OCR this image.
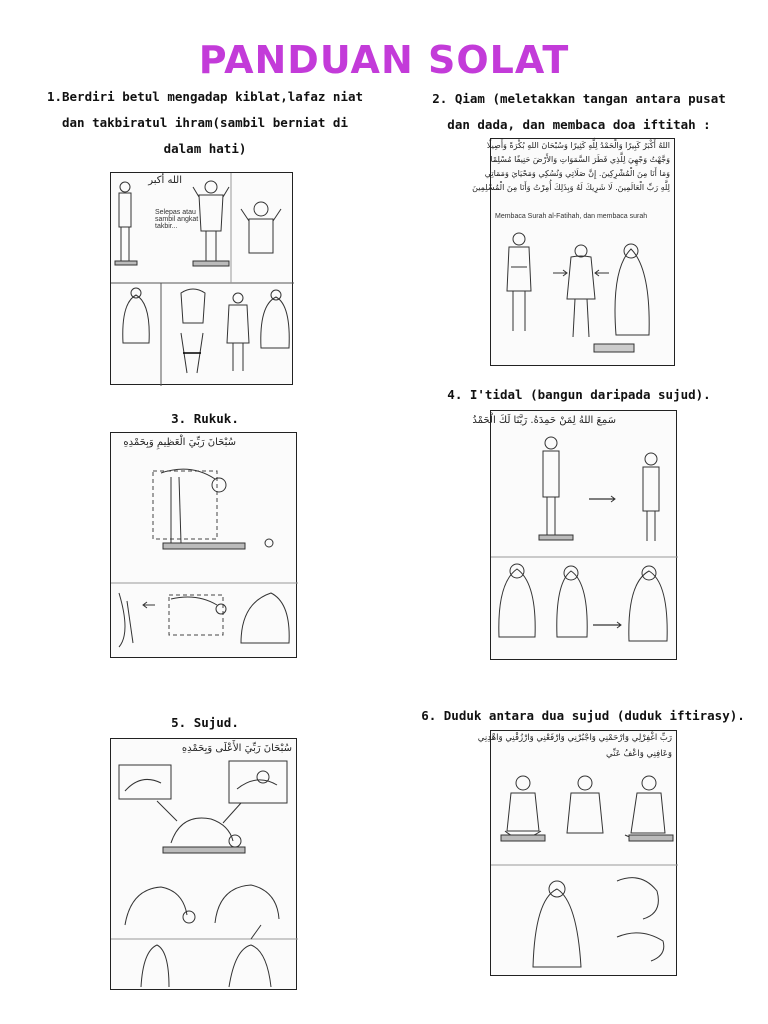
PANDUAN SOLAT
1.Berdiri betul mengadap kiblat,lafaz niat
dan takbiratul ihram(sambil berniat di
dalam hati)
2. Qiam (meletakkan tangan antara pusat
dan dada, dan membaca doa iftitah :
الله أكبر
Selepas atau
sambil angkat
takbir...
اللهُ أَكْبَرُ كَبِيرًا وَالْحَمْدُ لِلَّهِ كَثِيرًا وَسُبْحَانَ اللهِ بُكْرَةً وَأَصِيلًا
وَجَّهْتُ وَجْهِيَ لِلَّذِي فَطَرَ السَّمَوَاتِ وَالأَرْضَ حَنِيفًا مُسْلِمًا
وَمَا أَنَا مِنَ الْمُشْرِكِينَ. إِنَّ صَلَاتِي وَنُسُكِي وَمَحْيَايَ وَمَمَاتِي
لِلَّهِ رَبِّ الْعَالَمِينَ. لَا شَرِيكَ لَهُ وَبِذَلِكَ أُمِرْتُ وَأَنَا مِنَ الْمُسْلِمِينَ
Membaca Surah al-Fatihah, dan membaca surah
3. Rukuk.
4. I'tidal (bangun daripada sujud).
سُبْحَانَ رَبِّيَ الْعَظِيمِ وَبِحَمْدِهِ
سَمِعَ اللهُ لِمَنْ حَمِدَهُ. رَبَّنَا لَكَ الْحَمْدُ
5. Sujud.	6. Duduk antara dua sujud (duduk iftirasy).
سُبْحَانَ رَبِّيَ الأَعْلَى وَبِحَمْدِهِ
رَبِّ اغْفِرْلِي وَارْحَمْنِي وَاجْبُرْنِي وَارْفَعْنِي وَارْزُقْنِي وَاهْدِنِي
وَعَافِنِي وَاعْفُ عَنِّي
